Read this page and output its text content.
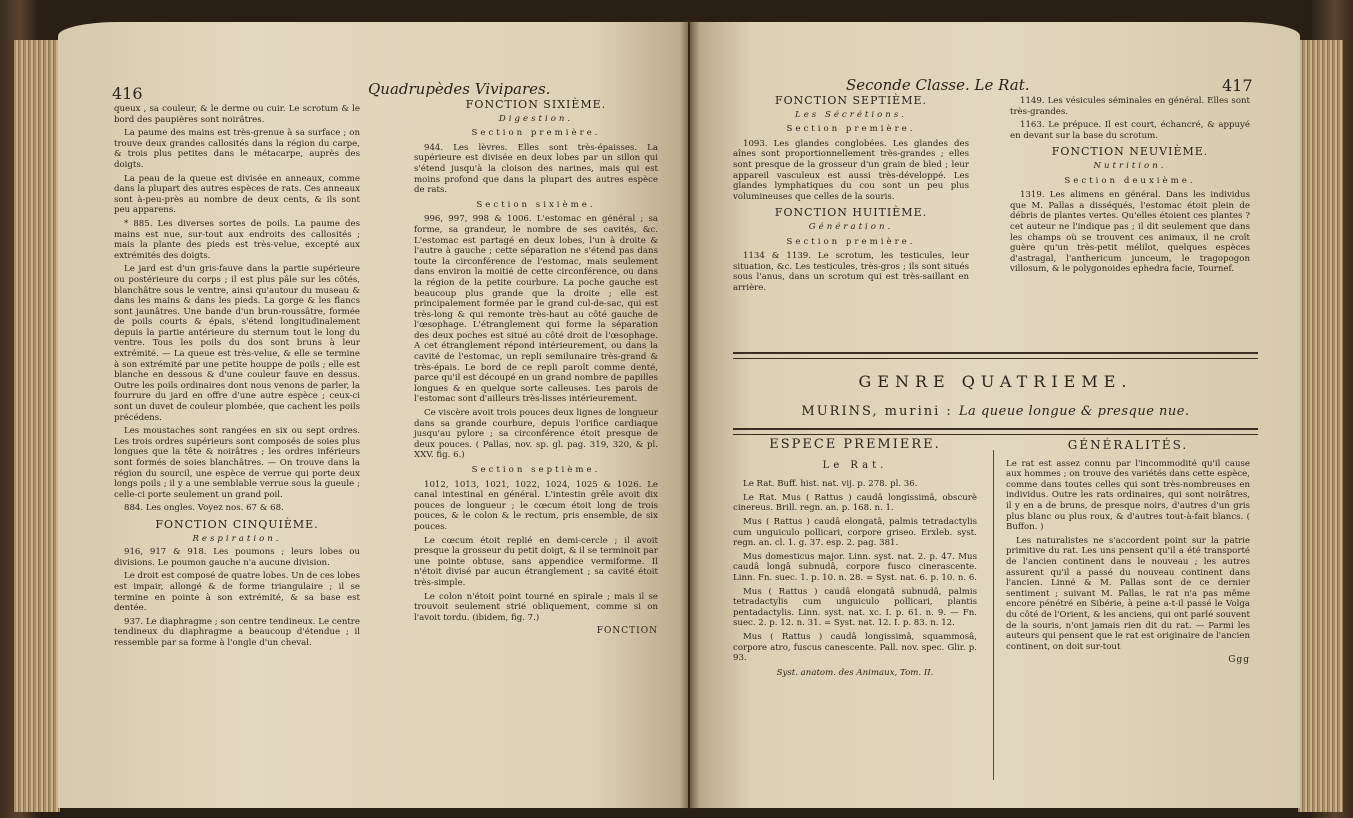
416	Quadrupèdes Vivipares.

queux , sa couleur, & le derme ou cuir. Le scrotum & le bord des paupières sont noirâtres.

La paume des mains est très-grenue à sa surface ; on trouve deux grandes callosités dans la région du carpe, & trois plus petites dans le métacarpe, auprès des doigts.

La peau de la queue est divisée en anneaux, comme dans la plupart des autres espèces de rats. Ces anneaux sont à-peu-près au nombre de deux cents, & ils sont peu apparens.

* 885. Les diverses sortes de poils. La paume des mains est nue, sur-tout aux endroits des callosités ; mais la plante des pieds est très-velue, excepté aux extrémités des doigts.

Le jard est d'un gris-fauve dans la partie supérieure ou postérieure du corps ; il est plus pâle sur les côtés, blanchâtre sous le ventre, ainsi qu'autour du museau & dans les mains & dans les pieds. La gorge & les flancs sont jaunâtres. Une bande d'un brun-roussâtre, formée de poils courts & épais, s'étend longitudinalement depuis la partie antérieure du sternum tout le long du ventre. Tous les poils du dos sont bruns à leur extrémité. — La queue est très-velue, & elle se termine à son extrémité par une petite houppe de poils ; elle est blanche en dessous & d'une couleur fauve en dessus. Outre les poils ordinaires dont nous venons de parler, la fourrure du jard en offre d'une autre espèce ; ceux-ci sont un duvet de couleur plombée, que cachent les poils précédens.

Les moustaches sont rangées en six ou sept ordres. Les trois ordres supérieurs sont composés de soies plus longues que la tête & noirâtres ; les ordres inférieurs sont formés de soies blanchâtres. — On trouve dans la région du sourcil, une espèce de verrue qui porte deux longs poils ; il y a une semblable verrue sous la gueule ; celle-ci porte seulement un grand poil.

884. Les ongles. Voyez nos. 67 & 68.

FONCTION CINQUIÈME.
Respiration.

916, 917 & 918. Les poumons ; leurs lobes ou divisions. Le poumon gauche n'a aucune division.

Le droit est composé de quatre lobes. Un de ces lobes est impair, allongé & de forme triangulaire ; il se termine en pointe à son extrémité, & sa base est dentée.

937. Le diaphragme ; son centre tendineux. Le centre tendineux du diaphragme a beaucoup d'étendue ; il ressemble par sa forme à l'ongle d'un cheval.

FONCTION SIXIÈME.
Digestion.
Section première.

944. Les lèvres. Elles sont très-épaisses. La supérieure est divisée en deux lobes par un sillon qui s'étend jusqu'à la cloison des narines, mais qui est moins profond que dans la plupart des autres espèce de rats.

Section sixième.

996, 997, 998 & 1006. L'estomac en général ; sa forme, sa grandeur, le nombre de ses cavités, &c. L'estomac est partagé en deux lobes, l'un à droite & l'autre à gauche ; cette séparation ne s'étend pas dans toute la circonférence de l'estomac, mais seulement dans environ la moitié de cette circonférence, ou dans la région de la petite courbure. La poche gauche est beaucoup plus grande que la droite ; elle est principalement formée par le grand cul-de-sac, qui est très-long & qui remonte très-haut au côté gauche de l'œsophage. L'étranglement qui forme la séparation des deux poches est situé au côté droit de l'œsophage. A cet étranglement répond intérieurement, ou dans la cavité de l'estomac, un repli semilunaire très-grand & très-épais. Le bord de ce repli paroît comme denté, parce qu'il est découpé en un grand nombre de papilles longues & en quelque sorte calleuses. Les parois de l'estomac sont d'ailleurs très-lisses intérieurement.

Ce viscère avoit trois pouces deux lignes de longueur dans sa grande courbure, depuis l'orifice cardiaque jusqu'au pylore ; sa circonférence étoit presque de deux pouces. ( Pallas, nov. sp. gl. pag. 319, 320, & pl. XXV. fig. 6.)

Section septième.

1012, 1013, 1021, 1022, 1024, 1025 & 1026. Le canal intestinal en général. L'intestin grêle avoit dix pouces de longueur ; le cœcum étoit long de trois pouces, & le colon & le rectum, pris ensemble, de six pouces.

Le cœcum étoit replié en demi-cercle ; il avoit presque la grosseur du petit doigt, & il se terminoit par une pointe obtuse, sans appendice vermiforme. Il n'étoit divisé par aucun étranglement ; sa cavité étoit très-simple.

Le colon n'étoit point tourné en spirale ; mais il se trouvoit seulement strié obliquement, comme si on l'avoit tordu. (ibidem, fig. 7.)

FONCTION
Seconde Classe. Le Rat.	417
FONCTION SEPTIÈME.
Les Sécrétions.
Section première.

1093. Les glandes conglobées. Les glandes des aînes sont proportionnellement très-grandes ; elles sont presque de la grosseur d'un grain de bled ; leur appareil vasculeux est aussi très-développé. Les glandes lymphatiques du cou sont un peu plus volumineuses que celles de la souris.

FONCTION HUITIÈME.
Génération.
Section première.

1134 & 1139. Le scrotum, les testicules, leur situation, &c. Les testicules, très-gros ; ils sont situés sous l'anus, dans un scrotum qui est très-saillant en arrière.

1149. Les vésicules séminales en général. Elles sont très-grandes.

1163. Le prépuce. Il est court, échancré, & appuyé en devant sur la base du scrotum.

FONCTION NEUVIÈME.
Nutrition.
Section deuxième.

1319. Les alimens en général. Dans les individus que M. Pallas a disséqués, l'estomac étoit plein de débris de plantes vertes. Qu'elles étoient ces plantes ? cet auteur ne l'indique pas ; il dit seulement que dans les champs où se trouvent ces animaux, il ne croît guère qu'un très-petit mélilot, quelques espèces d'astragal, l'anthericum junceum, le tragopogon villosum, & le polygonoides ephedra facie, Tournef.

GENRE QUATRIEME.
MURINS, murini : La queue longue & presque nue.
ESPECE PREMIERE.
Le Rat.

Le Rat. Buff. hist. nat. vij. p. 278. pl. 36.

Le Rat. Mus ( Rattus ) caudâ longissimâ, obscurè cinereus. Brill. regn. an. p. 168. n. 1.

Mus ( Rattus ) caudâ elongatâ, palmis tetradactylis cum unguiculo pollicari, corpore griseo. Erxleb. syst. regn. an. cl. 1. g. 37. esp. 2. pag. 381.

Mus domesticus major. Linn. syst. nat. 2. p. 47. Mus caudâ longâ subnudâ, corpore fusco cinerascente. Linn. Fn. suec. 1. p. 10. n. 28. = Syst. nat. 6. p. 10. n. 6.

Mus ( Rattus ) caudâ elongatâ subnudâ, palmis tetradactylis cum unguiculo pollicari, plantis pentadactylis. Linn. syst. nat. xc. I. p. 61. n. 9. — Fn. suec. 2. p. 12. n. 31. = Syst. nat. 12. I. p. 83. n. 12.

Mus ( Rattus ) caudâ longissimâ, squammosâ, corpore atro, fuscus canescente. Pall. nov. spec. Glir. p. 93.

Syst. anatom. des Animaux, Tom. II.

GÉNÉRALITÉS.

Le rat est assez connu par l'incommodité qu'il cause aux hommes ; on trouve des variétés dans cette espèce, comme dans toutes celles qui sont très-nombreuses en individus. Outre les rats ordinaires, qui sont noirâtres, il y en a de bruns, de presque noirs, d'autres d'un gris plus blanc ou plus roux, & d'autres tout-à-fait blancs. ( Buffon. )

Les naturalistes ne s'accordent point sur la patrie primitive du rat. Les uns pensent qu'il a été transporté de l'ancien continent dans le nouveau ; les autres assurent qu'il a passé du nouveau continent dans l'ancien. Linné & M. Pallas sont de ce dernier sentiment ; suivant M. Pallas, le rat n'a pas même encore pénétré en Sibérie, à peine a-t-il passé le Volga du côté de l'Orient, & les anciens, qui ont parlé souvent de la souris, n'ont jamais rien dit du rat. — Parmi les auteurs qui pensent que le rat est originaire de l'ancien continent, on doit sur-tout

Ggg
